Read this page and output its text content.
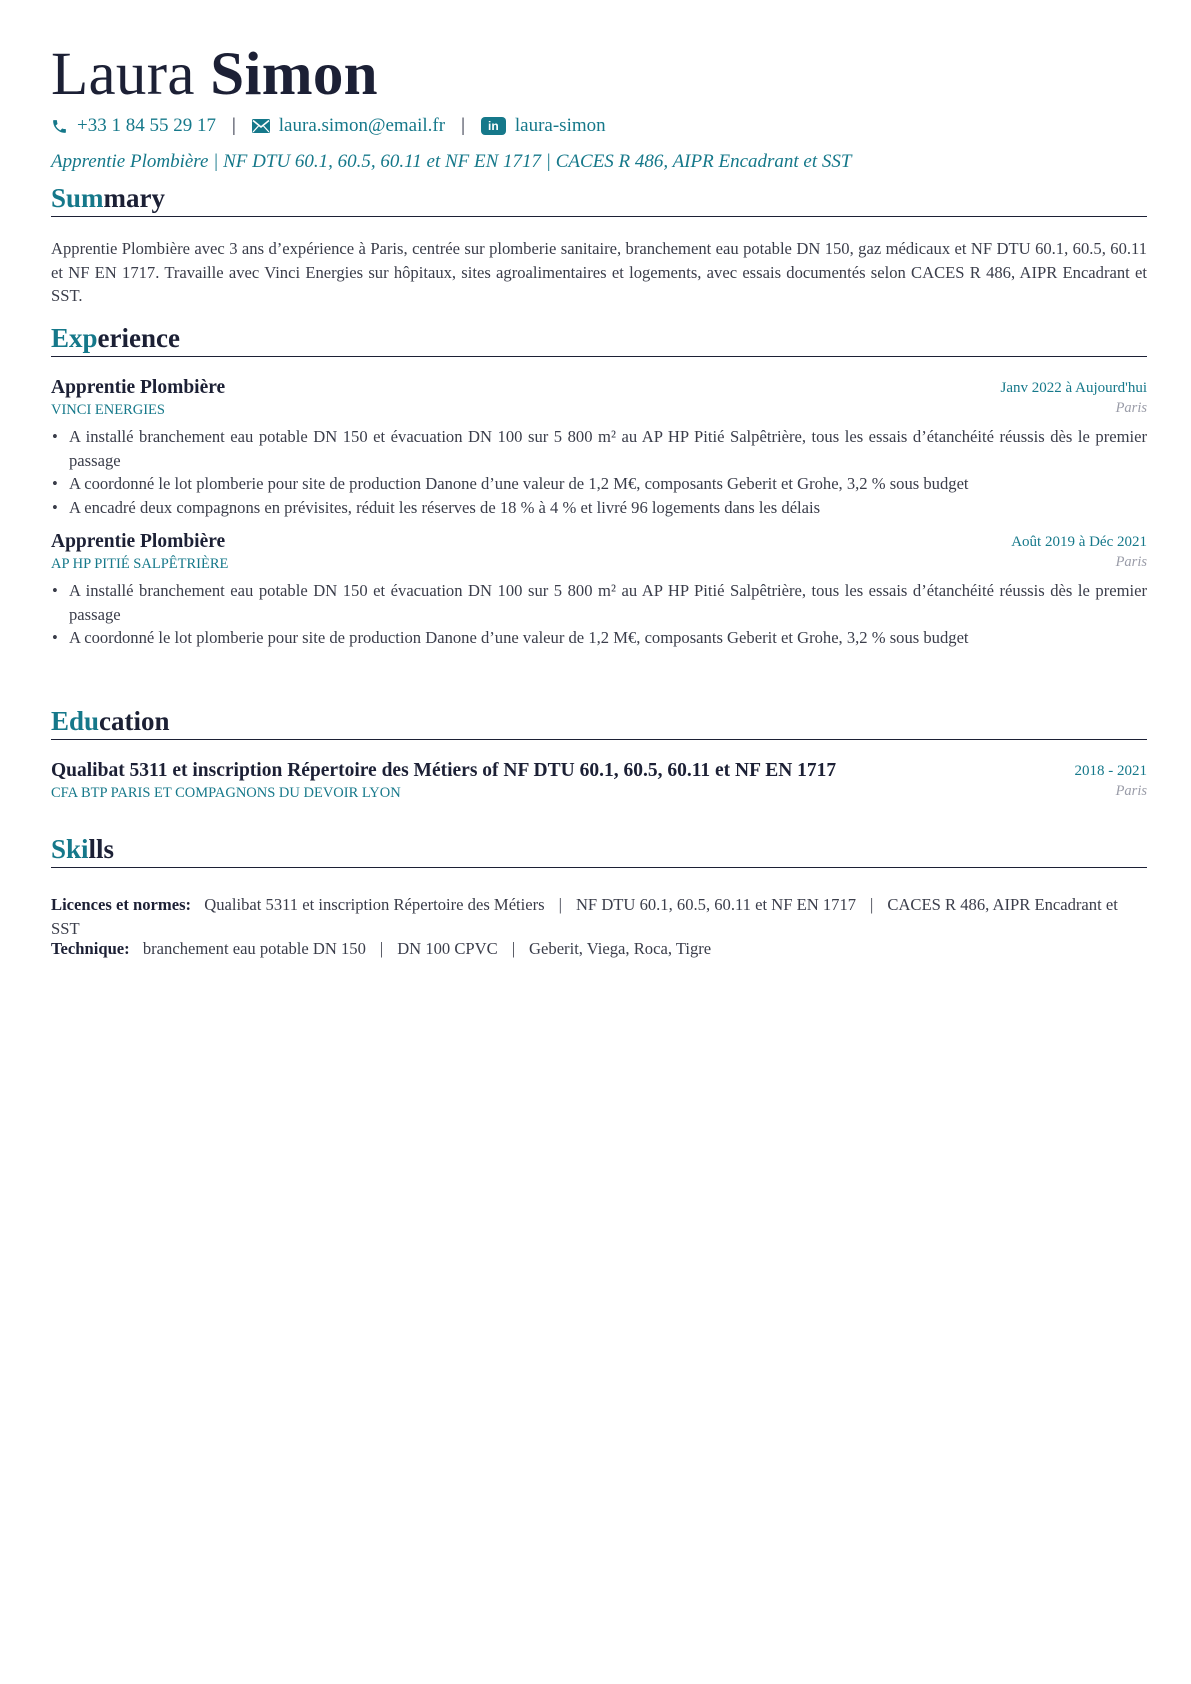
Laura Simon
+33 1 84 55 29 17 | laura.simon@email.fr |	in laura-simon
Apprentie Plombière | NF DTU 60.1, 60.5, 60.11 et NF EN 1717 | CACES R 486, AIPR Encadrant et SST
Summary
Apprentie Plombière avec 3 ans d’expérience à Paris, centrée sur plomberie sanitaire, branchement eau potable DN 150, gaz médicaux et NF DTU 60.1, 60.5, 60.11 et NF EN 1717. Travaille avec Vinci Energies sur hôpitaux, sites agroalimentaires et logements, avec essais documentés selon CACES R 486, AIPR Encadrant et SST.
Experience
Apprentie Plombière	Janv 2022 à Aujourd'hui
VINCI ENERGIES	Paris
• A installé branchement eau potable DN 150 et évacuation DN 100 sur 5 800 m² au AP HP Pitié Salpêtrière, tous les essais d’étanchéité réussis dès le premier passage
• A coordonné le lot plomberie pour site de production Danone d’une valeur de 1,2 M€, composants Geberit et Grohe, 3,2 % sous budget
• A encadré deux compagnons en prévisites, réduit les réserves de 18 % à 4 % et livré 96 logements dans les délais
Apprentie Plombière	Août 2019 à Déc 2021
AP HP PITIÉ SALPÊTRIÈRE	Paris
• A installé branchement eau potable DN 150 et évacuation DN 100 sur 5 800 m² au AP HP Pitié Salpêtrière, tous les essais d’étanchéité réussis dès le premier passage
• A coordonné le lot plomberie pour site de production Danone d’une valeur de 1,2 M€, composants Geberit et Grohe, 3,2 % sous budget
Education
Qualibat 5311 et inscription Répertoire des Métiers of NF DTU 60.1, 60.5, 60.11 et NF EN 1717	2018 - 2021
CFA BTP PARIS ET COMPAGNONS DU DEVOIR LYON	Paris
Skills
Licences et normes: Qualibat 5311 et inscription Répertoire des Métiers | NF DTU 60.1, 60.5, 60.11 et NF EN 1717 | CACES R 486, AIPR Encadrant et SST
Technique: branchement eau potable DN 150 | DN 100 CPVC | Geberit, Viega, Roca, Tigre
